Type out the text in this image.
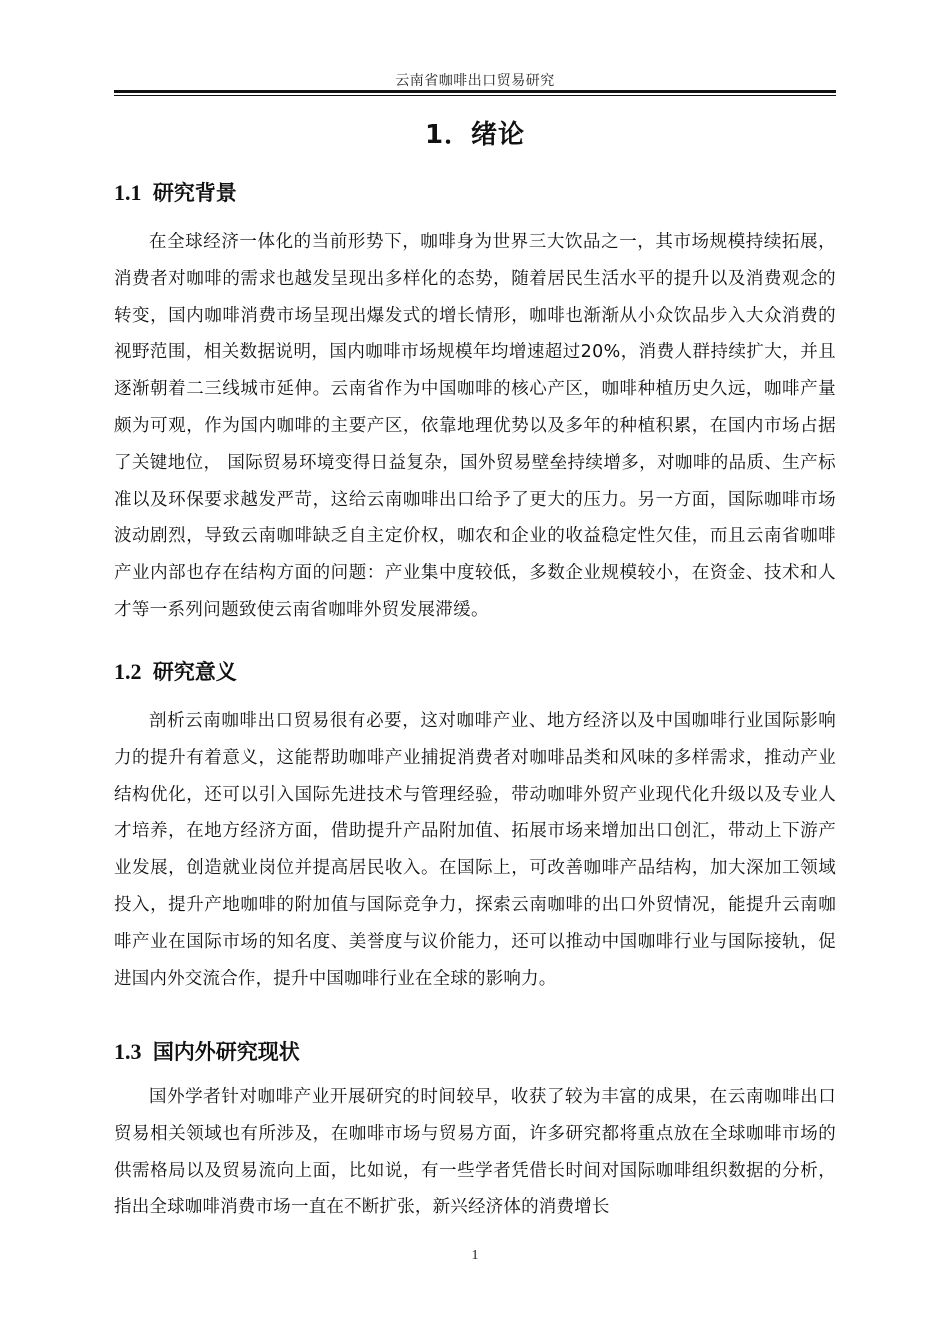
云南省咖啡出口贸易研究
1．绪论
1.1 研究背景

在全球经济一体化的当前形势下，咖啡身为世界三大饮品之一，其市场规模持续拓展，消费者对咖啡的需求也越发呈现出多样化的态势，随着居民生活水平的提升以及消费观念的转变，国内咖啡消费市场呈现出爆发式的增长情形，咖啡也渐渐从小众饮品步入大众消费的视野范围，相关数据说明，国内咖啡市场规模年均增速超过20%，消费人群持续扩大，并且逐渐朝着二三线城市延伸。云南省作为中国咖啡的核心产区，咖啡种植历史久远，咖啡产量颇为可观，作为国内咖啡的主要产区，依靠地理优势以及多年的种植积累，在国内市场占据了关键地位， 国际贸易环境变得日益复杂，国外贸易壁垒持续增多，对咖啡的品质、生产标准以及环保要求越发严苛，这给云南咖啡出口给予了更大的压力。另一方面，国际咖啡市场波动剧烈，导致云南咖啡缺乏自主定价权，咖农和企业的收益稳定性欠佳，而且云南省咖啡产业内部也存在结构方面的问题：产业集中度较低，多数企业规模较小，在资金、技术和人才等一系列问题致使云南省咖啡外贸发展滞缓。

1.2 研究意义

剖析云南咖啡出口贸易很有必要，这对咖啡产业、地方经济以及中国咖啡行业国际影响力的提升有着意义，这能帮助咖啡产业捕捉消费者对咖啡品类和风味的多样需求，推动产业结构优化，还可以引入国际先进技术与管理经验，带动咖啡外贸产业现代化升级以及专业人才培养，在地方经济方面，借助提升产品附加值、拓展市场来增加出口创汇，带动上下游产业发展，创造就业岗位并提高居民收入。在国际上，可改善咖啡产品结构，加大深加工领域投入，提升产地咖啡的附加值与国际竞争力，探索云南咖啡的出口外贸情况，能提升云南咖啡产业在国际市场的知名度、美誉度与议价能力，还可以推动中国咖啡行业与国际接轨，促进国内外交流合作，提升中国咖啡行业在全球的影响力。

1.3 国内外研究现状

国外学者针对咖啡产业开展研究的时间较早，收获了较为丰富的成果，在云南咖啡出口贸易相关领域也有所涉及，在咖啡市场与贸易方面，许多研究都将重点放在全球咖啡市场的供需格局以及贸易流向上面，比如说，有一些学者凭借长时间对国际咖啡组织数据的分析，指出全球咖啡消费市场一直在不断扩张，新兴经济体的消费增长

1
